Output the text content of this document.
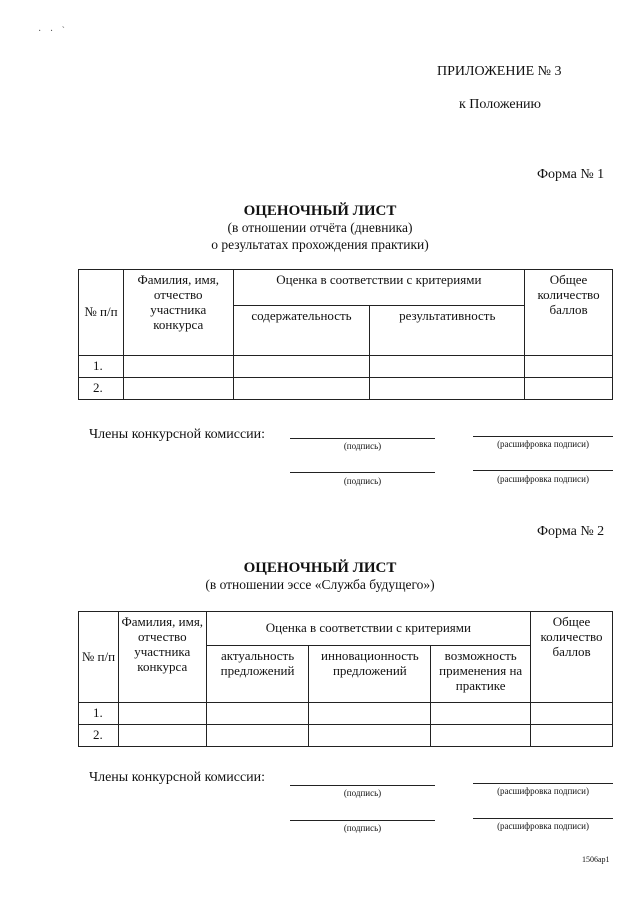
· · ˋ
ПРИЛОЖЕНИЕ № 3
к Положению
Форма № 1
ОЦЕНОЧНЫЙ ЛИСТ
(в отношении отчёта (дневника)
о результатах прохождения практики)
№ п/п	Фамилия, имя, отчество участника конкурса	Оценка в соответствии с критериями		Общее количество баллов
		содержательность	результативность	
1.				
2.				
Члены конкурсной комиссии:
(подпись)	(расшифровка подписи)
(подпись)	(расшифровка подписи)
Форма № 2
ОЦЕНОЧНЫЙ ЛИСТ
(в отношении эссе «Служба будущего»)
№ п/п	Фамилия, имя, отчество участника конкурса	Оценка в соответствии с критериями			Общее количество баллов
		актуальность предложений	инновационность предложений	возможность применения на практике	
1.					
2.					
Члены конкурсной комиссии:
(подпись)	(расшифровка подписи)
(подпись)	(расшифровка подписи)
1506ар1
